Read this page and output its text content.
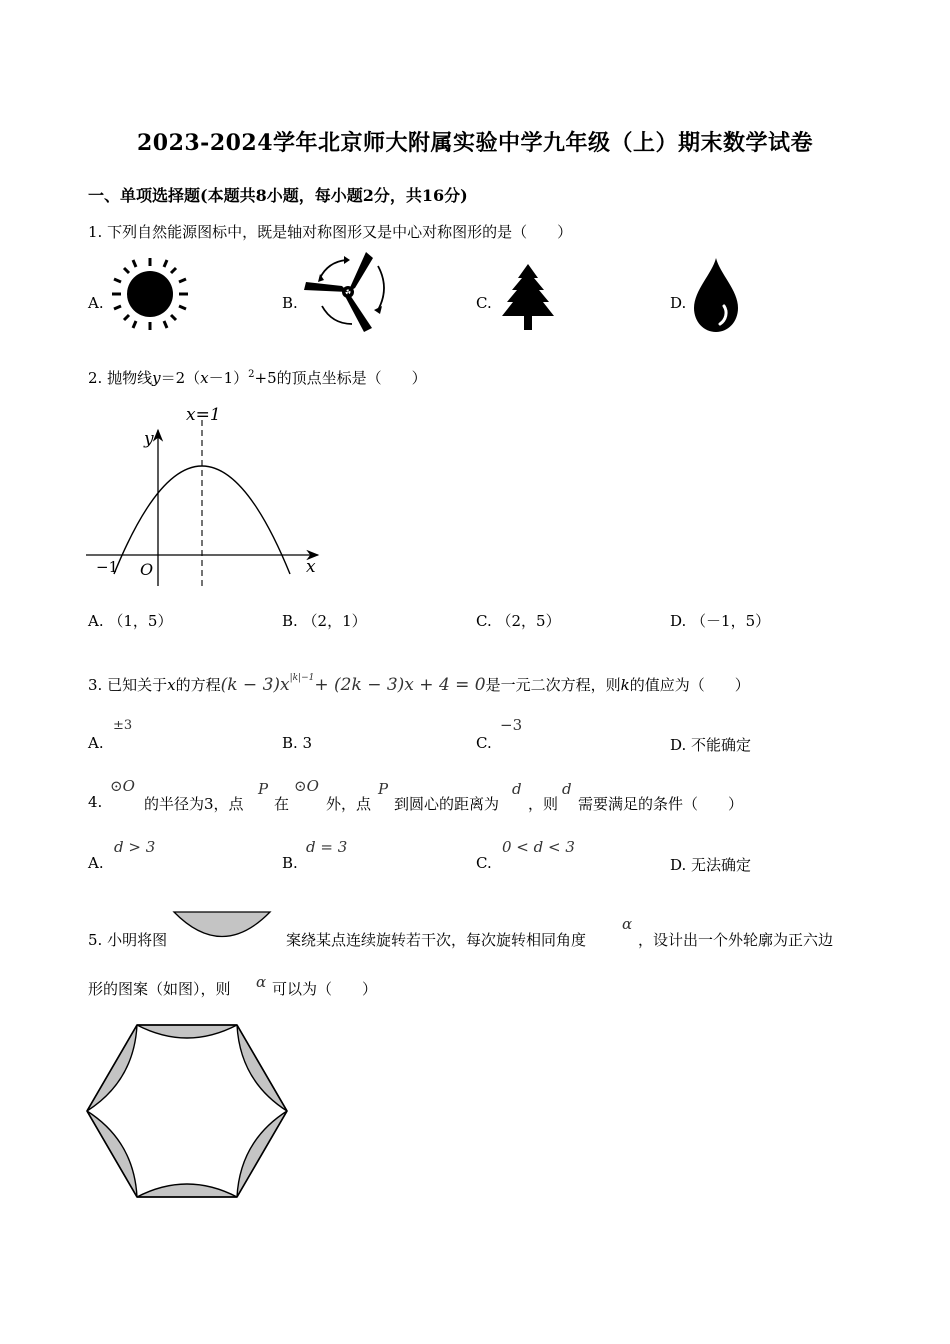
2023-2024学年北京师大附属实验中学九年级（上）期末数学试卷
一、单项选择题(本题共8小题，每小题2分，共16分)
1. 下列自然能源图标中，既是轴对称图形又是中心对称图形的是（　　）
A.	B.	C.	D.
2. 抛物线$y=2(x-1)^2+5$的顶点坐标是（　　）
x=1
y
x
O
−1
A. （1，5）	B. （2，1）	C. （2，5）	D. （－1，5）
3. 已知关于x的方程$(k - 3)x^{|k|-1}+ (2k - 3)x + 4 = 0$是一元二次方程，则k的值应为（　　）
A.
±3
B. 3	C.
−3
D. 不能确定
4.
⊙O
的半径为3，点
P
在
⊙O
外，点
P
到圆心的距离为
d
，则
d
需要满足的条件（　　）
A.
d > 3
B.
d = 3
C.
0 < d < 3
D. 无法确定
5. 小明将图	案绕某点连续旋转若干次，每次旋转相同角度
α
，设计出一个外轮廓为正六边
形的图案（如图），则 α 可以为（　　）
